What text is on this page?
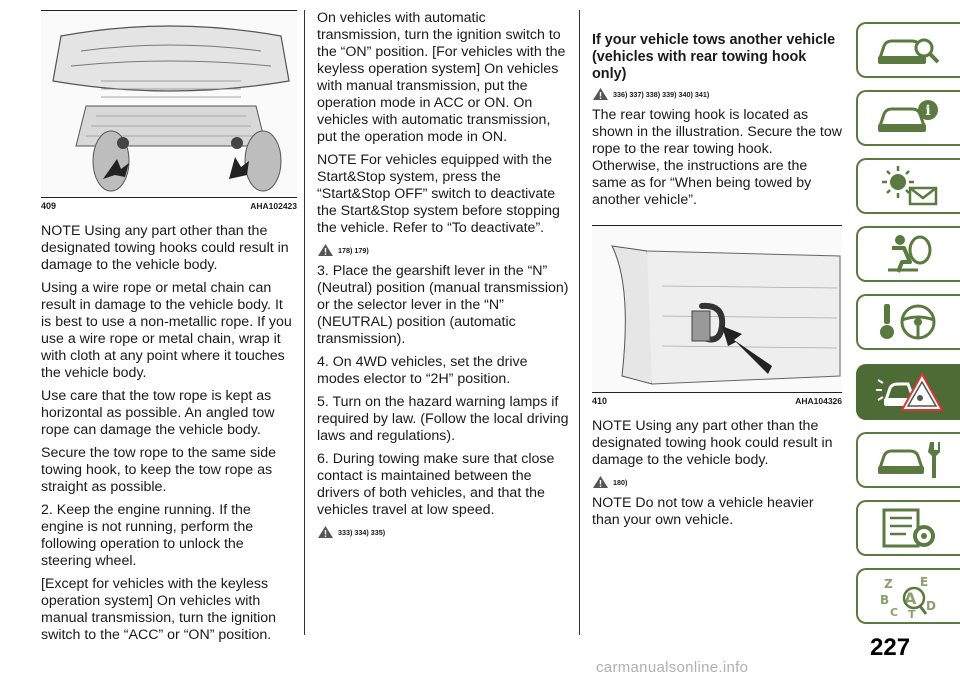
409	AHA102423

NOTE Using any part other than the designated towing hooks could result in damage to the vehicle body.

Using a wire rope or metal chain can result in damage to the vehicle body. It is best to use a non-metallic rope. If you use a wire rope or metal chain, wrap it with cloth at any point where it touches the vehicle body.

Use care that the tow rope is kept as horizontal as possible. An angled tow rope can damage the vehicle body.

Secure the tow rope to the same side towing hook, to keep the tow rope as straight as possible.

2. Keep the engine running. If the engine is not running, perform the following operation to unlock the steering wheel.

[Except for vehicles with the keyless operation system] On vehicles with manual transmission, turn the ignition switch to the “ACC” or “ON” position.

On vehicles with automatic transmission, turn the ignition switch to the “ON” position. [For vehicles with the keyless operation system] On vehicles with manual transmission, put the operation mode in ACC or ON. On vehicles with automatic transmission, put the operation mode in ON.

NOTE For vehicles equipped with the Start&Stop system, press the “Start&Stop OFF” switch to deactivate the Start&Stop system before stopping the vehicle. Refer to “To deactivate”.

178) 179)

3. Place the gearshift lever in the “N” (Neutral) position (manual transmission) or the selector lever in the “N” (NEUTRAL) position (automatic transmission).

4. On 4WD vehicles, set the drive modes elector to “2H” position.

5. Turn on the hazard warning lamps if required by law. (Follow the local driving laws and regulations).

6. During towing make sure that close contact is maintained between the drivers of both vehicles, and that the vehicles travel at low speed.

333) 334) 335)
If your vehicle tows another vehicle (vehicles with rear towing hook only)
336) 337) 338) 339) 340) 341)

The rear towing hook is located as shown in the illustration. Secure the tow rope to the rear towing hook. Otherwise, the instructions are the same as for “When being towed by another vehicle”.

410	AHA104326

NOTE Using any part other than the designated towing hook could result in damage to the vehicle body.

180)

NOTE Do not tow a vehicle heavier than your own vehicle.

i
Z E
B A D
C T
227
carmanualsonline.info
